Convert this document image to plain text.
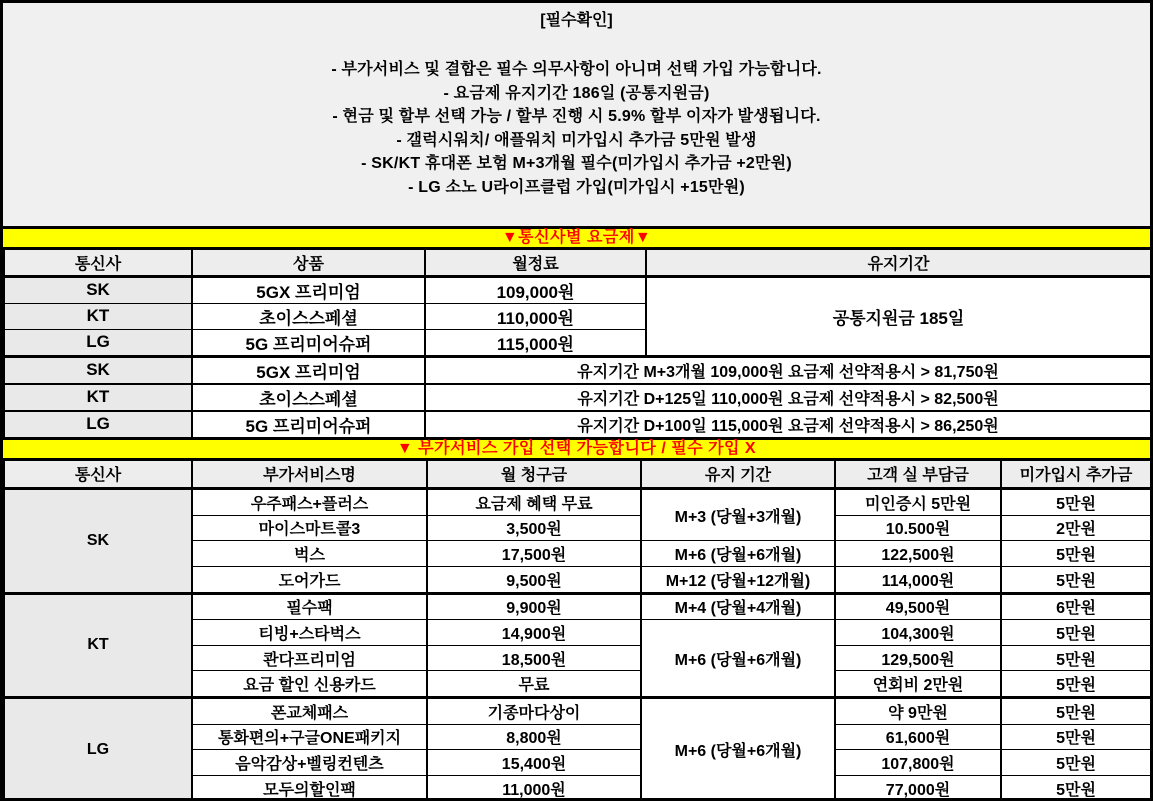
[필수확인]
- 부가서비스 및 결합은 필수 의무사항이 아니며 선택 가입 가능합니다.
- 요금제 유지기간 186일 (공통지원금)
- 현금 및 할부 선택 가능 / 할부 진행 시 5.9% 할부 이자가 발생됩니다.
- 갤럭시워치/ 애플워치 미가입시 추가금 5만원 발생
- SK/KT 휴대폰 보험 M+3개월 필수(미가입시 추가금 +2만원)
- LG 소노 U라이프클럽 가입(미가입시 +15만원)
▼통신사별 요금제▼
통신사	상품	월정료	유지기간
SK	5GX 프리미엄	109,000원	공통지원금 185일
KT	초이스스페셜	110,000원	
LG	5G 프리미어슈퍼	115,000원	
SK	5GX 프리미엄	유지기간 M+3개월 109,000원 요금제 선약적용시 > 81,750원	
KT	초이스스페셜	유지기간 D+125일 110,000원 요금제 선약적용시 > 82,500원	
LG	5G 프리미어슈퍼	유지기간 D+100일 115,000원 요금제 선약적용시 > 86,250원	
▼ 부가서비스 가입 선택 가능합니다 / 필수 가입 X
통신사	부가서비스명	월 청구금	유지 기간	고객 실 부담금	미가입시 추가금
SK	우주패스+플러스	요금제 혜택 무료	M+3 (당월+3개월)	미인증시 5만원	5만원
	마이스마트콜3	3,500원		10.500원	2만원
	벅스	17,500원	M+6 (당월+6개월)	122,500원	5만원
	도어가드	9,500원	M+12 (당월+12개월)	114,000원	5만원
KT	필수팩	9,900원	M+4 (당월+4개월)	49,500원	6만원
	티빙+스타벅스	14,900원	M+6 (당월+6개월)	104,300원	5만원
	콴다프리미엄	18,500원		129,500원	5만원
	요금 할인 신용카드	무료		연회비 2만원	5만원
LG	폰교체패스	기종마다상이	M+6 (당월+6개월)	약 9만원	5만원
	통화편의+구글ONE패키지	8,800원		61,600원	5만원
	음악감상+벨링컨텐츠	15,400원		107,800원	5만원
	모두의할인팩	11,000원		77,000원	5만원
